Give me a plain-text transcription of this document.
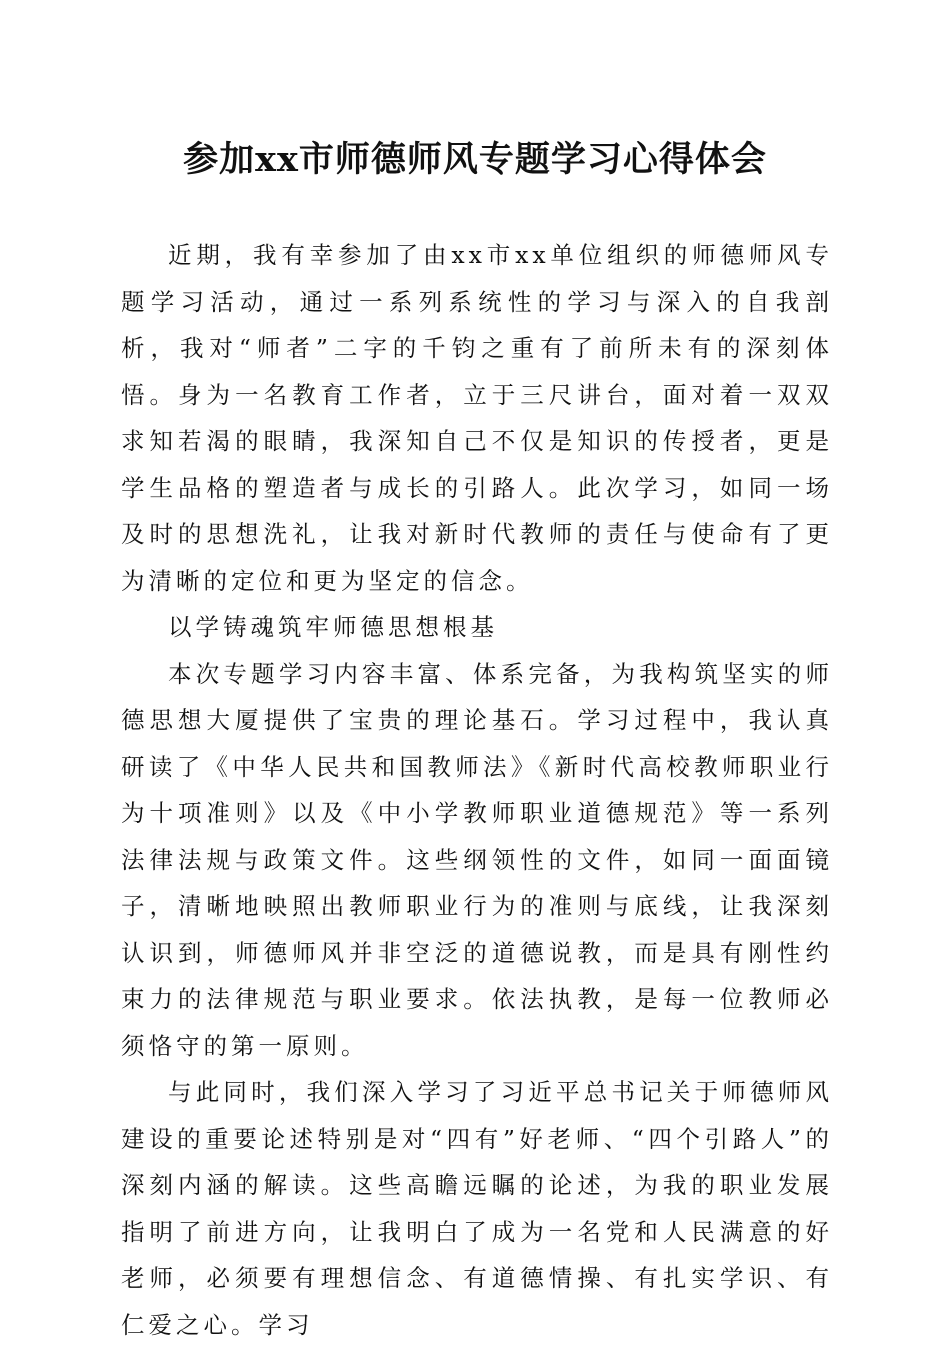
参加xx市师德师风专题学习心得体会

近期，我有幸参加了由xx市xx单位组织的师德师风专题学习活动，通过一系列系统性的学习与深入的自我剖析，我对“师者”二字的千钧之重有了前所未有的深刻体悟。身为一名教育工作者，立于三尺讲台，面对着一双双求知若渴的眼睛，我深知自己不仅是知识的传授者，更是学生品格的塑造者与成长的引路人。此次学习，如同一场及时的思想洗礼，让我对新时代教师的责任与使命有了更为清晰的定位和更为坚定的信念。

以学铸魂筑牢师德思想根基

本次专题学习内容丰富、体系完备，为我构筑坚实的师德思想大厦提供了宝贵的理论基石。学习过程中，我认真研读了《中华人民共和国教师法》《新时代高校教师职业行为十项准则》以及《中小学教师职业道德规范》等一系列法律法规与政策文件。这些纲领性的文件，如同一面面镜子，清晰地映照出教师职业行为的准则与底线，让我深刻认识到，师德师风并非空泛的道德说教，而是具有刚性约束力的法律规范与职业要求。依法执教，是每一位教师必须恪守的第一原则。

与此同时，我们深入学习了习近平总书记关于师德师风建设的重要论述特别是对“四有”好老师、“四个引路人”的深刻内涵的解读。这些高瞻远瞩的论述，为我的职业发展指明了前进方向，让我明白了成为一名党和人民满意的好老师，必须要有理想信念、有道德情操、有扎实学识、有仁爱之心。学习
